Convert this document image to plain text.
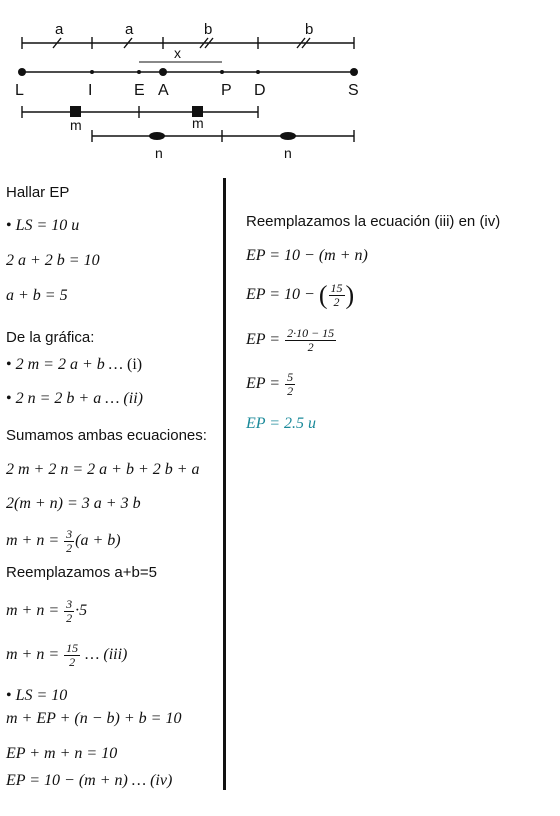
a	a	b	b
x
L	I	E A	P D	S
m	m
n	n
Hallar EP
• LS = 10 u
2 a + 2 b = 10
a + b = 5
De la gráfica:
• 2 m = 2 a + b … (i)
• 2 n = 2 b + a … (ii)
Sumamos ambas ecuaciones:
2 m + 2 n = 2 a + b + 2 b + a
2(m + n) = 3 a + 3 b
$m + n = \frac{3}{2} (a + b)$
Reemplazamos a+b=5
$m + n = \frac{3}{2} \cdot 5$
$m + n = \frac{15}{2}$ … (iii)
• LS = 10
m + EP + (n − b) + b = 10
EP + m + n = 10
EP = 10 − (m + n) … (iv)
Reemplazamos la ecuación (iii) en (iv)
EP = 10 − (m + n)
EP = 10 − ( $\frac{15}{2}$ )
EP = $\frac{2\cdot 10 - 15}{2}$
EP = $\frac{5}{2}$
EP = 2.5 u
